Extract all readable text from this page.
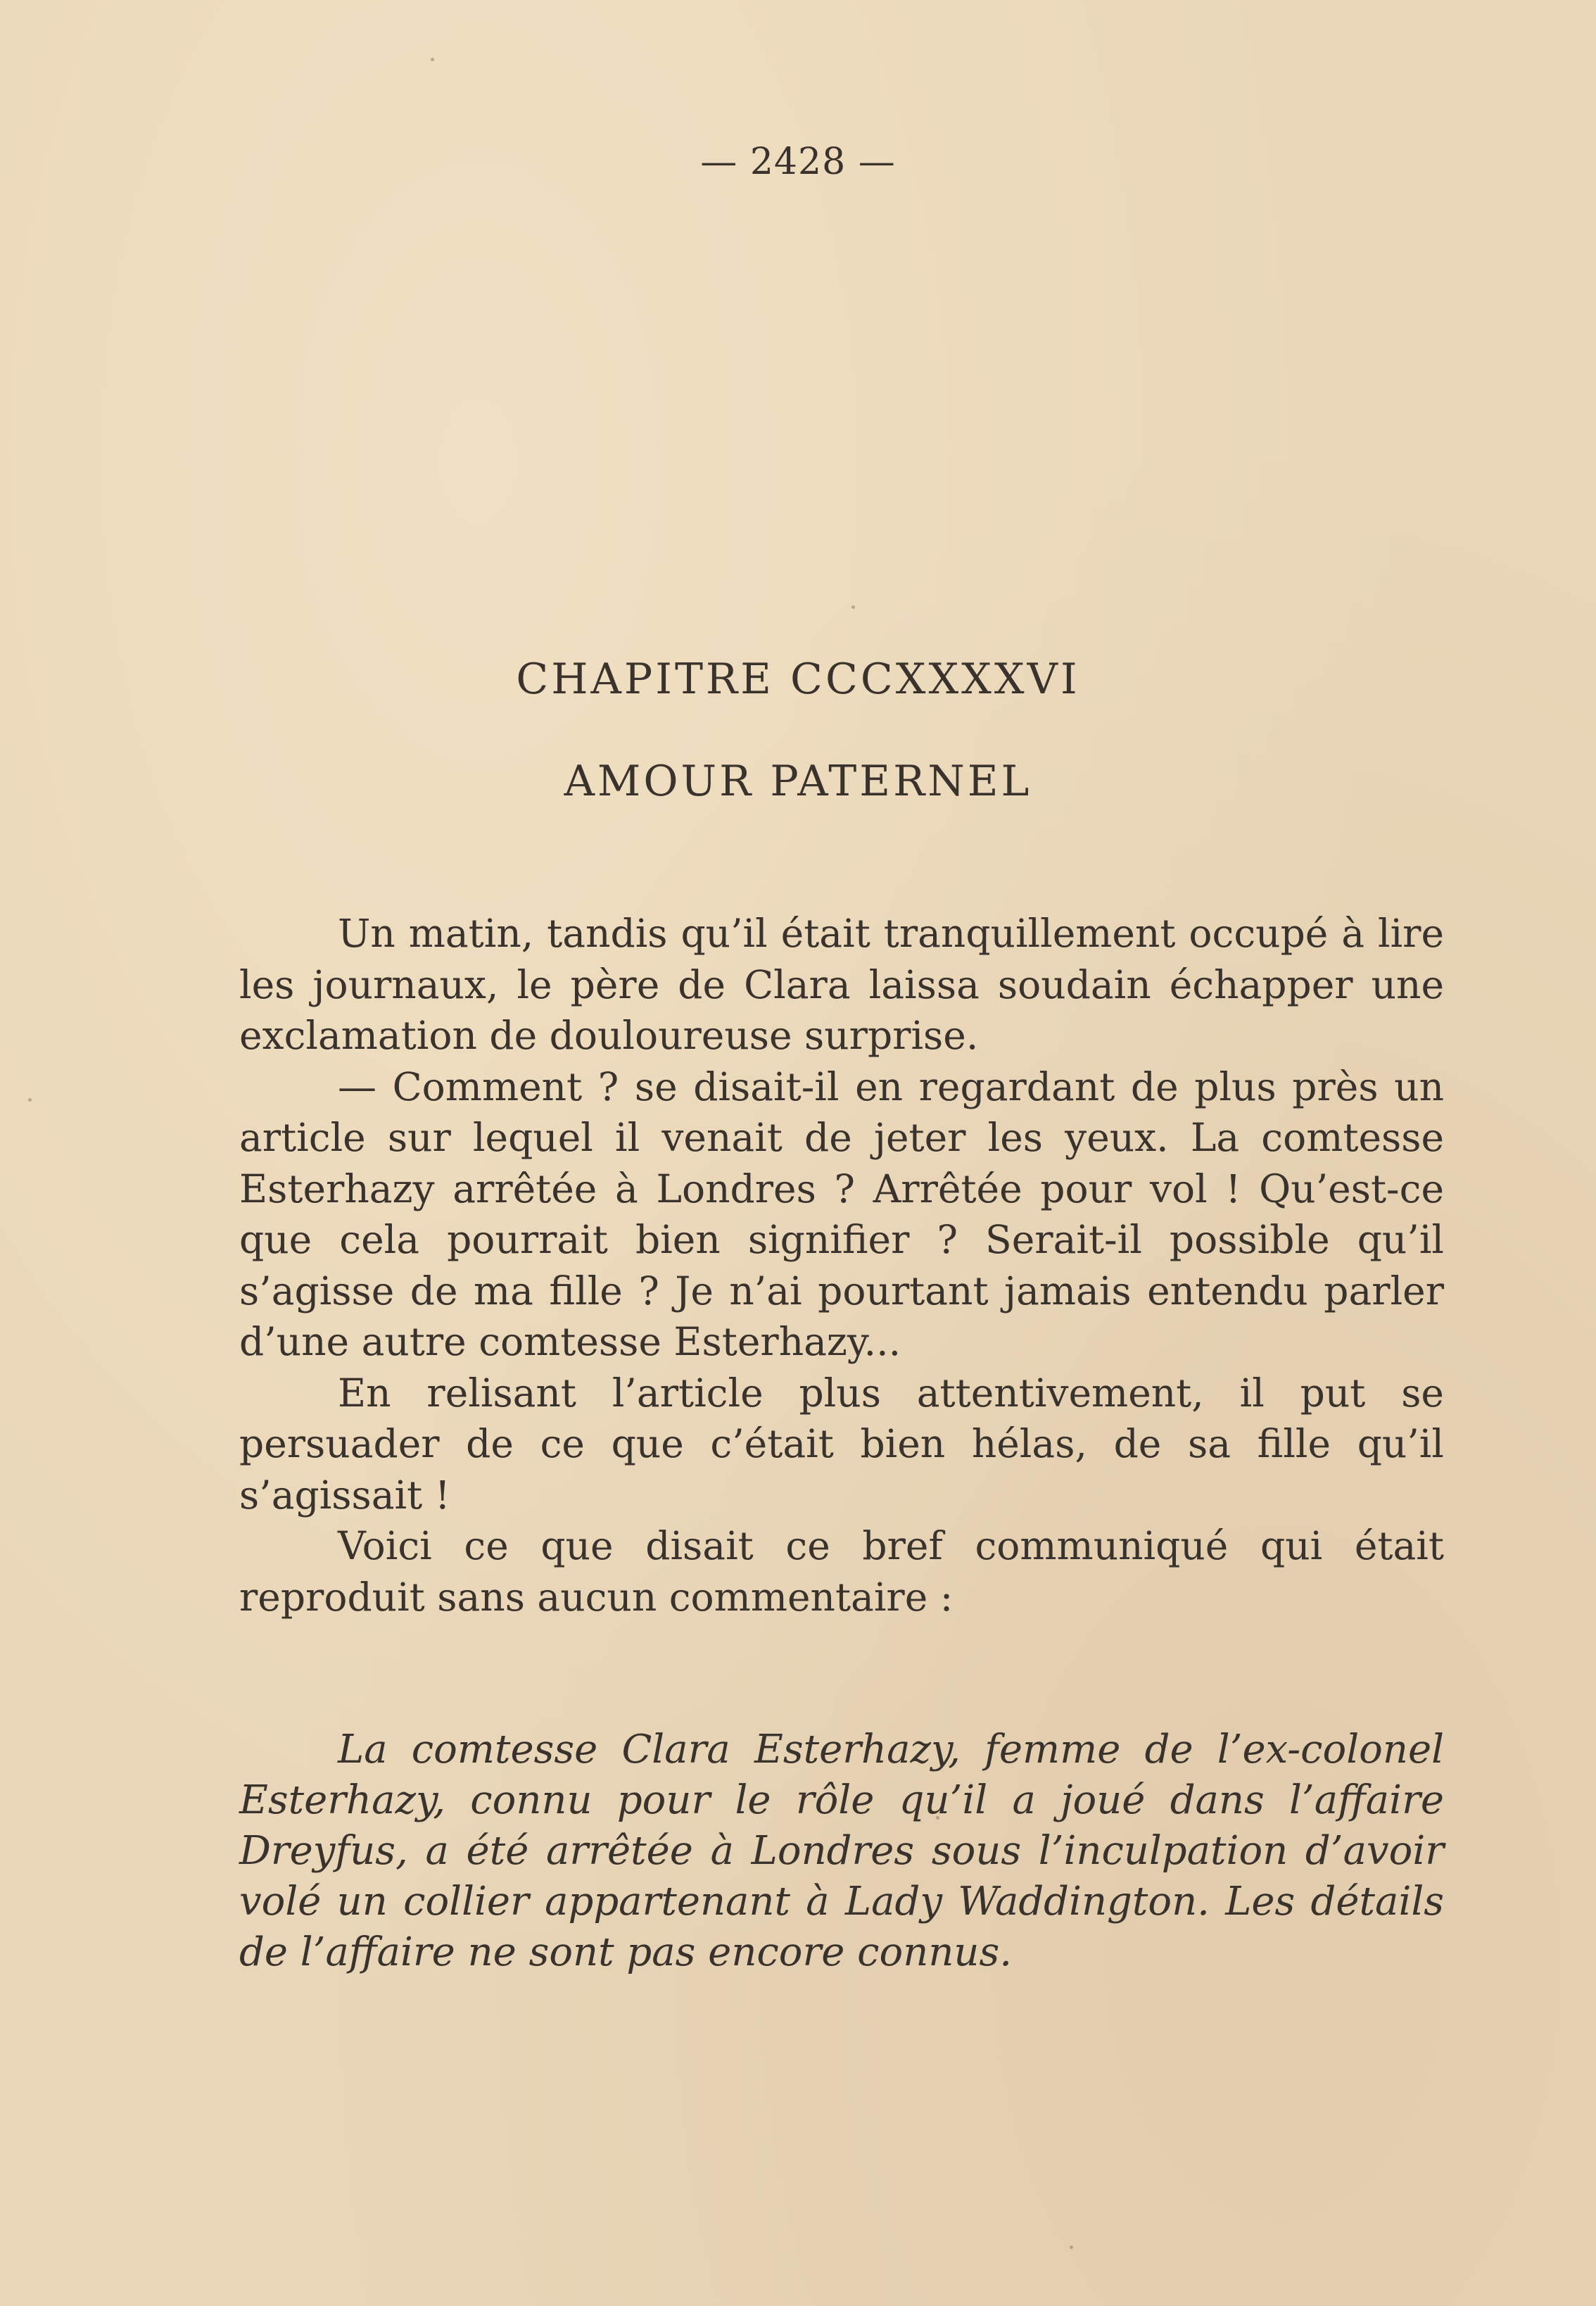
— 2428 —
CHAPITRE CCCXXXXVI
AMOUR PATERNEL

Un matin, tandis qu’il était tranquillement occupé à lire les journaux, le père de Clara laissa soudain échapper une exclamation de douloureuse surprise.

— Comment ? se disait-il en regardant de plus près un article sur lequel il venait de jeter les yeux. La comtesse Esterhazy arrêtée à Londres ? Arrêtée pour vol ! Qu’est-ce que cela pourrait bien signifier ? Serait-il possible qu’il s’agisse de ma fille ? Je n’ai pourtant jamais entendu parler d’une autre comtesse Esterhazy...

En relisant l’article plus attentivement, il put se persuader de ce que c’était bien hélas, de sa fille qu’il s’agissait !

Voici ce que disait ce bref communiqué qui était reproduit sans aucun commentaire :

La comtesse Clara Esterhazy, femme de l’ex-colonel Esterhazy, connu pour le rôle qu’il a joué dans l’affaire Dreyfus, a été arrêtée à Londres sous l’inculpation d’avoir volé un collier appartenant à Lady Waddington. Les détails de l’affaire ne sont pas encore connus.
